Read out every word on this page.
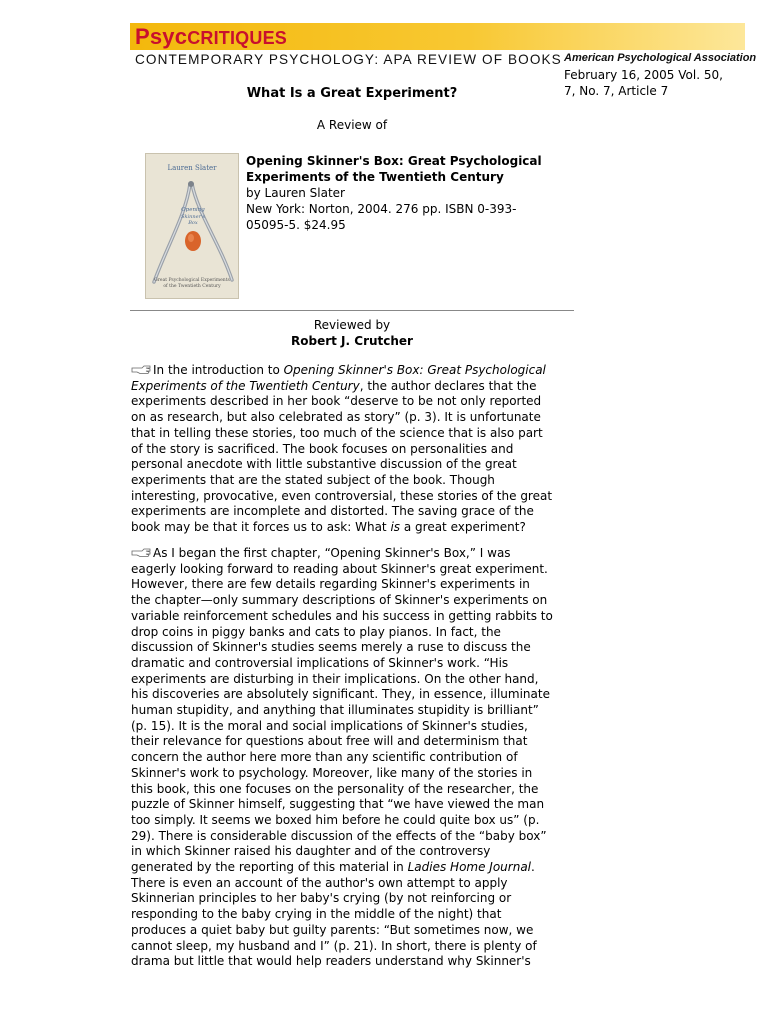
PsycCRITIQUES
CONTEMPORARY PSYCHOLOGY: APA REVIEW OF BOOKS American Psychological Association
February 16, 2005 Vol. 50,
7, No. 7, Article 7
What Is a Great Experiment?
A Review of
Lauren Slater
Opening
Skinner's
Box
Great Psychological Experiments of the Twentieth Century
Opening Skinner's Box: Great Psychological
Experiments of the Twentieth Century
by Lauren Slater
New York: Norton, 2004. 276 pp. ISBN 0-393-
05095-5. $24.95
Reviewed by
Robert J. Crutcher
In the introduction to Opening Skinner's Box: Great Psychological
Experiments of the Twentieth Century, the author declares that the
experiments described in her book “deserve to be not only reported
on as research, but also celebrated as story” (p. 3). It is unfortunate
that in telling these stories, too much of the science that is also part
of the story is sacrificed. The book focuses on personalities and
personal anecdote with little substantive discussion of the great
experiments that are the stated subject of the book. Though
interesting, provocative, even controversial, these stories of the great
experiments are incomplete and distorted. The saving grace of the
book may be that it forces us to ask: What is a great experiment?
As I began the first chapter, “Opening Skinner's Box,” I was
eagerly looking forward to reading about Skinner's great experiment.
However, there are few details regarding Skinner's experiments in
the chapter—only summary descriptions of Skinner's experiments on
variable reinforcement schedules and his success in getting rabbits to
drop coins in piggy banks and cats to play pianos. In fact, the
discussion of Skinner's studies seems merely a ruse to discuss the
dramatic and controversial implications of Skinner's work. “His
experiments are disturbing in their implications. On the other hand,
his discoveries are absolutely significant. They, in essence, illuminate
human stupidity, and anything that illuminates stupidity is brilliant”
(p. 15). It is the moral and social implications of Skinner's studies,
their relevance for questions about free will and determinism that
concern the author here more than any scientific contribution of
Skinner's work to psychology. Moreover, like many of the stories in
this book, this one focuses on the personality of the researcher, the
puzzle of Skinner himself, suggesting that “we have viewed the man
too simply. It seems we boxed him before he could quite box us” (p.
29). There is considerable discussion of the effects of the “baby box”
in which Skinner raised his daughter and of the controversy
generated by the reporting of this material in Ladies Home Journal.
There is even an account of the author's own attempt to apply
Skinnerian principles to her baby's crying (by not reinforcing or
responding to the baby crying in the middle of the night) that
produces a quiet baby but guilty parents: “But sometimes now, we
cannot sleep, my husband and I” (p. 21). In short, there is plenty of
drama but little that would help readers understand why Skinner's
